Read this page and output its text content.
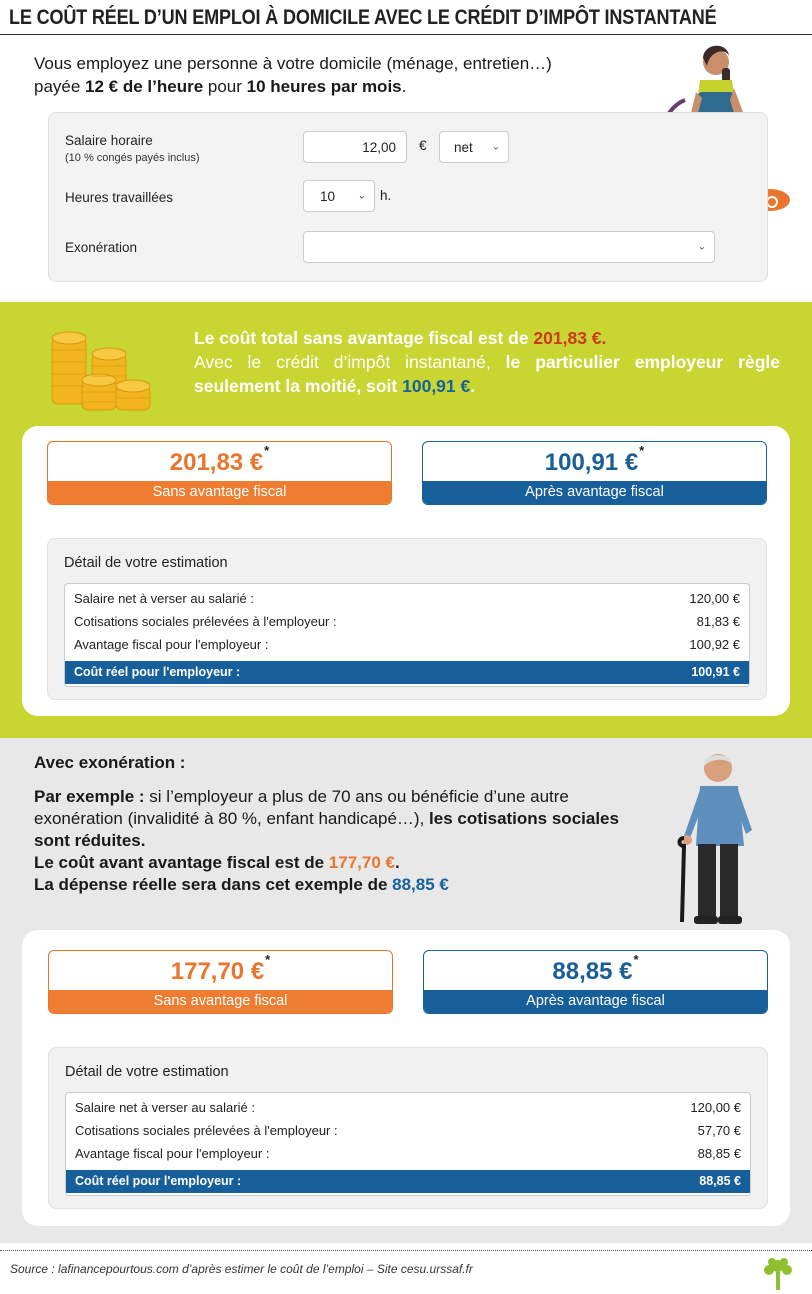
LE COÛT RÉEL D’UN EMPLOI À DOMICILE AVEC LE CRÉDIT D’IMPÔT INSTANTANÉ
Vous employez une personne à votre domicile (ménage, entretien…)
payée 12 € de l’heure pour 10 heures par mois.
Salaire horaire
(10 % congés payés inclus)
12,00 € net ⌄
Heures travaillées	10 ⌄ h.
Exonération	⌄
Le coût total sans avantage fiscal est de 201,83 €.
Avec le crédit d’impôt instantané, le particulier employeur règle seulement la moitié, soit 100,91 €.
201,83 €*
Sans avantage fiscal
100,91 €*
Après avantage fiscal
Détail de votre estimation
Salaire net à verser au salarié :	120,00 €
Cotisations sociales prélevées à l'employeur :	81,83 €
Avantage fiscal pour l'employeur :	100,92 €
Coût réel pour l'employeur :	100,91 €
Avec exonération :
Par exemple : si l’employeur a plus de 70 ans ou bénéficie d’une autre exonération (invalidité à 80 %, enfant handicapé…), les cotisations sociales sont réduites.
Le coût avant avantage fiscal est de 177,70 €.
La dépense réelle sera dans cet exemple de 88,85 €
177,70 €*
Sans avantage fiscal
88,85 €*
Après avantage fiscal
Détail de votre estimation
Salaire net à verser au salarié :	120,00 €
Cotisations sociales prélevées à l'employeur :	57,70 €
Avantage fiscal pour l'employeur :	88,85 €
Coût réel pour l'employeur :	88,85 €
Source : lafinancepourtous.com d’après estimer le coût de l’emploi – Site cesu.urssaf.fr
